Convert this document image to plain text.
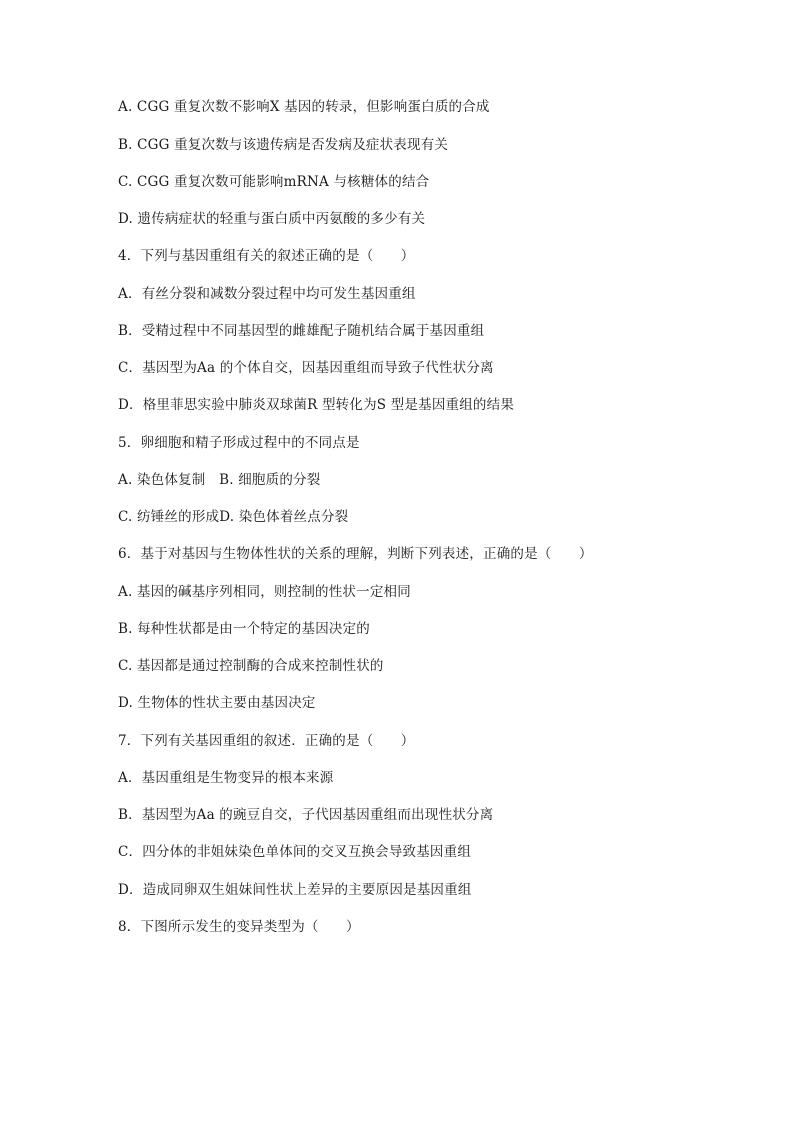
A. CGG 重复次数不影响X 基因的转录，但影响蛋白质的合成
B. CGG 重复次数与该遗传病是否发病及症状表现有关
C. CGG 重复次数可能影响mRNA 与核糖体的结合
D. 遗传病症状的轻重与蛋白质中丙氨酸的多少有关
4．下列与基因重组有关的叙述正确的是（　　）
A．有丝分裂和减数分裂过程中均可发生基因重组
B．受精过程中不同基因型的雌雄配子随机结合属于基因重组
C．基因型为Aa 的个体自交，因基因重组而导致子代性状分离
D．格里菲思实验中肺炎双球菌R 型转化为S 型是基因重组的结果
5．卵细胞和精子形成过程中的不同点是
A. 染色体复制　B. 细胞质的分裂
C. 纺锤丝的形成D. 染色体着丝点分裂
6．基于对基因与生物体性状的关系的理解，判断下列表述，正确的是（　　）
A. 基因的碱基序列相同，则控制的性状一定相同
B. 每种性状都是由一个特定的基因决定的
C. 基因都是通过控制酶的合成来控制性状的
D. 生物体的性状主要由基因决定
7．下列有关基因重组的叙述．正确的是（　　）
A．基因重组是生物变异的根本来源
B．基因型为Aa 的豌豆自交，子代因基因重组而出现性状分离
C．四分体的非姐妹染色单体间的交叉互换会导致基因重组
D．造成同卵双生姐妹间性状上差异的主要原因是基因重组
8．下图所示发生的变异类型为（　　）
